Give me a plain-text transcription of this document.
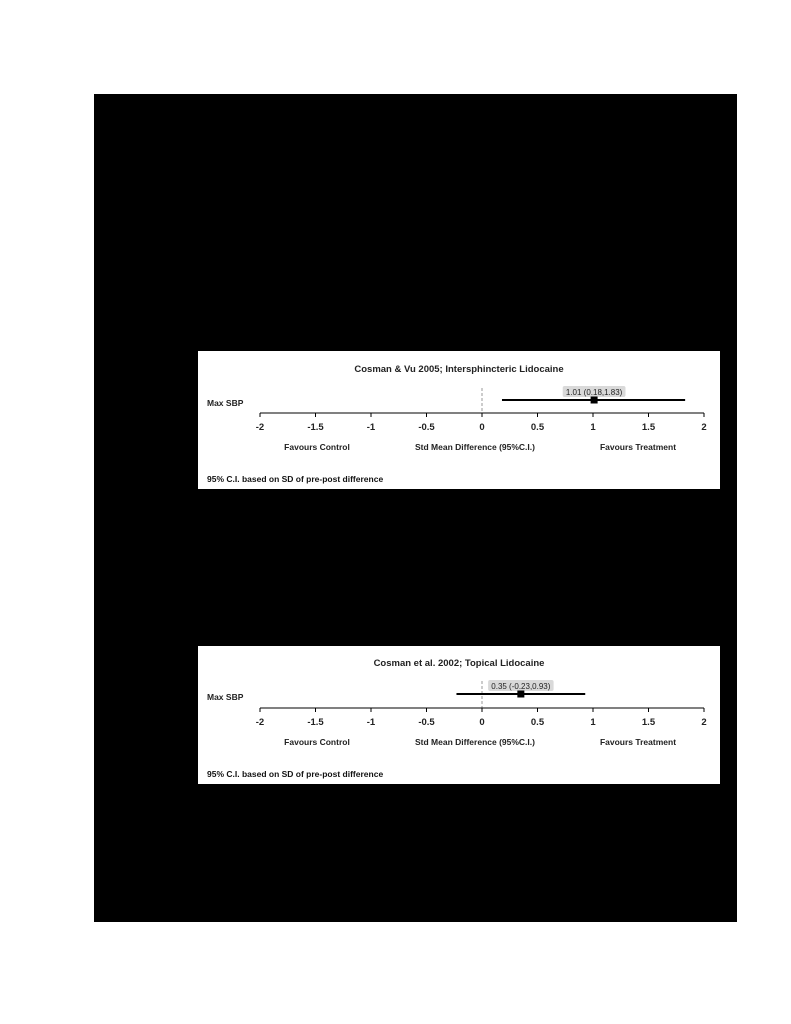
Cosman & Vu 2005; Intersphincteric Lidocaine
Max SBP
-2	-1.5	-1	-0.5	0	0.5	1	1.5	2
1.01 (0.18,1.83)
Favours Control	Std Mean Difference (95%C.I.)	Favours Treatment
95% C.I. based on SD of pre-post difference
Cosman et al. 2002; Topical Lidocaine
Max SBP
-2	-1.5	-1	-0.5	0	0.5	1	1.5	2
0.35 (-0.23,0.93)
Favours Control	Std Mean Difference (95%C.I.)	Favours Treatment
95% C.I. based on SD of pre-post difference
